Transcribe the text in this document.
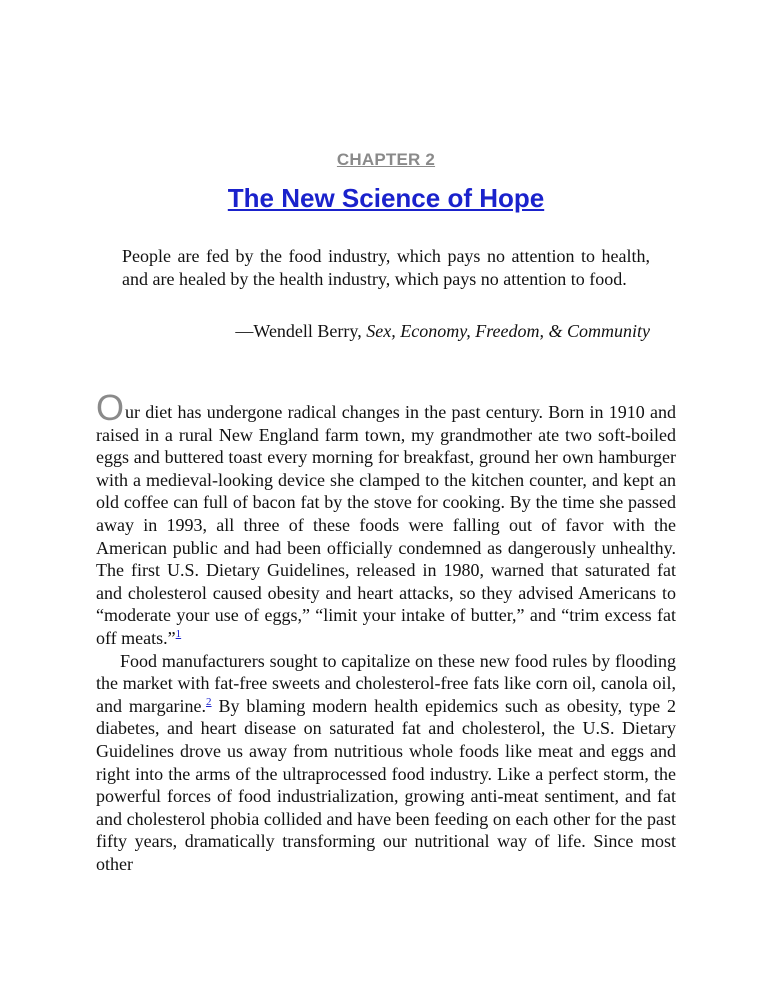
CHAPTER 2
The New Science of Hope

People are fed by the food industry, which pays no attention to health, and are healed by the health industry, which pays no attention to food.

—Wendell Berry, Sex, Economy, Freedom, & Community

Our diet has undergone radical changes in the past century. Born in 1910 and raised in a rural New England farm town, my grandmother ate two soft-boiled eggs and buttered toast every morning for breakfast, ground her own hamburger with a medieval-looking device she clamped to the kitchen counter, and kept an old coffee can full of bacon fat by the stove for cooking. By the time she passed away in 1993, all three of these foods were falling out of favor with the American public and had been officially condemned as dangerously unhealthy. The first U.S. Dietary Guidelines, released in 1980, warned that saturated fat and cholesterol caused obesity and heart attacks, so they advised Americans to “moderate your use of eggs,” “limit your intake of butter,” and “trim excess fat off meats.”$^1$

Food manufacturers sought to capitalize on these new food rules by flooding the market with fat-free sweets and cholesterol-free fats like corn oil, canola oil, and margarine.$^2$ By blaming modern health epidemics such as obesity, type 2 diabetes, and heart disease on saturated fat and cholesterol, the U.S. Dietary Guidelines drove us away from nutritious whole foods like meat and eggs and right into the arms of the ultraprocessed food industry. Like a perfect storm, the powerful forces of food industrialization, growing anti-meat sentiment, and fat and cholesterol phobia collided and have been feeding on each other for the past fifty years, dramatically transforming our nutritional way of life. Since most other
